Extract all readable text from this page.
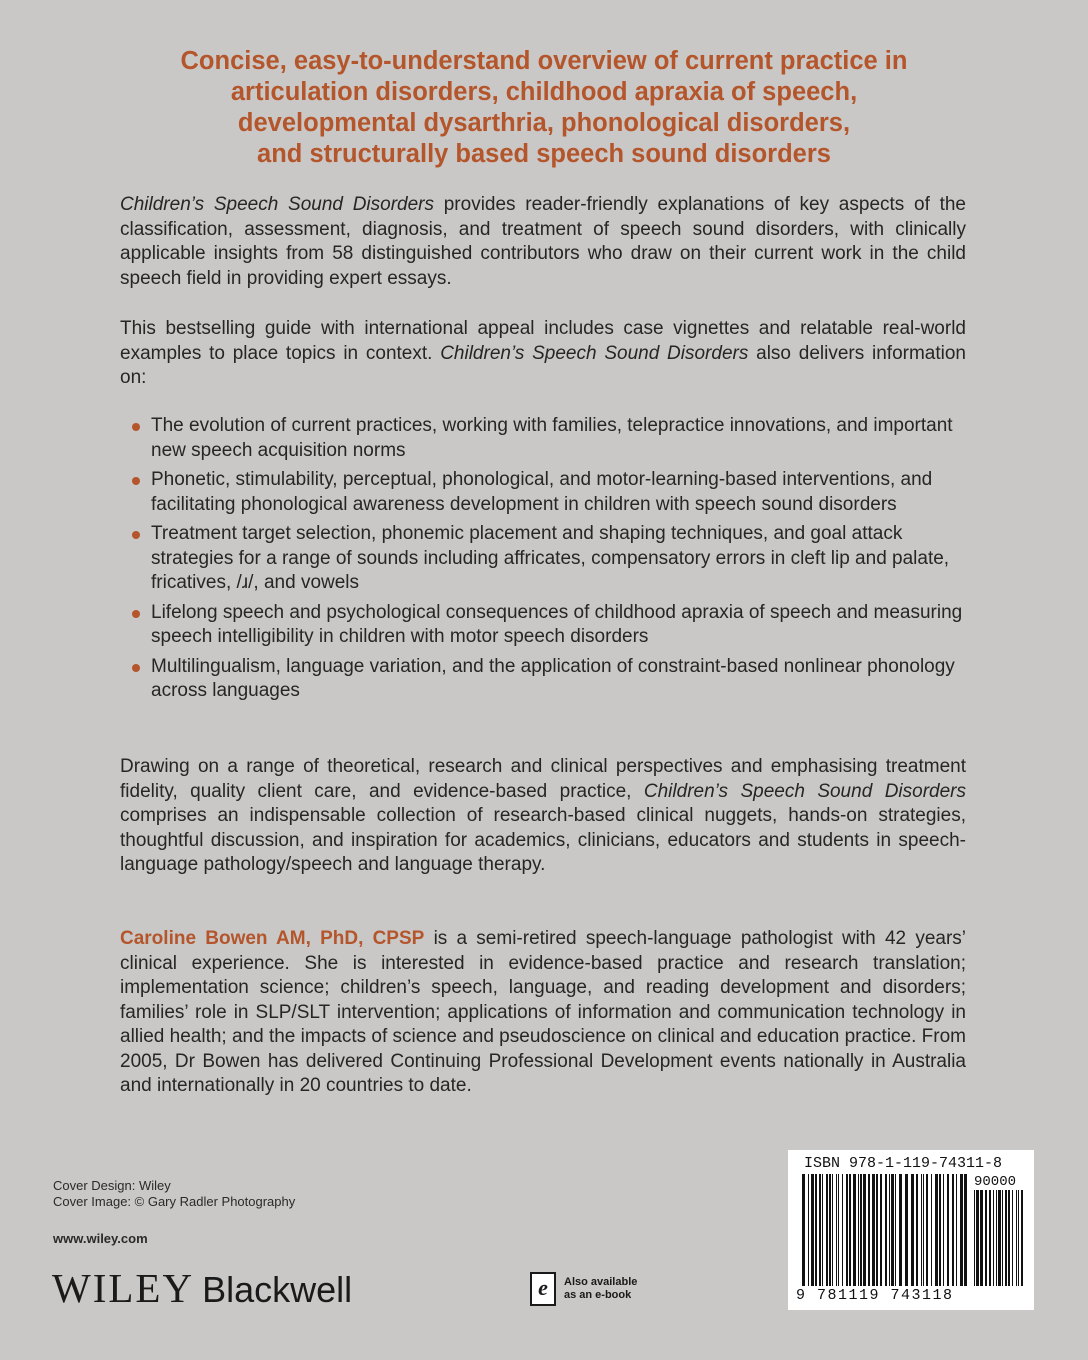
Concise, easy-to-understand overview of current practice in
articulation disorders, childhood apraxia of speech,
developmental dysarthria, phonological disorders,
and structurally based speech sound disorders

Children’s Speech Sound Disorders provides reader-friendly explanations of key aspects of the classification, assessment, diagnosis, and treatment of speech sound disorders, with clinically applicable insights from 58 distinguished contributors who draw on their current work in the child speech field in providing expert essays.

This bestselling guide with international appeal includes case vignettes and relatable real-world examples to place topics in context. Children’s Speech Sound Disorders also delivers information on:

The evolution of current practices, working with families, telepractice innovations, and important new speech acquisition norms
Phonetic, stimulability, perceptual, phonological, and motor-learning-based interventions, and facilitating phonological awareness development in children with speech sound disorders
Treatment target selection, phonemic placement and shaping techniques, and goal attack strategies for a range of sounds including affricates, compensatory errors in cleft lip and palate, fricatives, /ɹ/, and vowels
Lifelong speech and psychological consequences of childhood apraxia of speech and measuring speech intelligibility in children with motor speech disorders
Multilingualism, language variation, and the application of constraint-based nonlinear phonology across languages

Drawing on a range of theoretical, research and clinical perspectives and emphasising treatment fidelity, quality client care, and evidence-based practice, Children’s Speech Sound Disorders comprises an indispensable collection of research-based clinical nuggets, hands-on strategies, thoughtful discussion, and inspiration for academics, clinicians, educators and students in speech-language pathology/speech and language therapy.

Caroline Bowen AM, PhD, CPSP is a semi-retired speech-language pathologist with 42 years’ clinical experience. She is interested in evidence-based practice and research translation; implementation science; children’s speech, language, and reading development and disorders; families’ role in SLP/SLT intervention; applications of information and communication technology in allied health; and the impacts of science and pseudoscience on clinical and education practice. From 2005, Dr Bowen has delivered Continuing Professional Development events nationally in Australia and internationally in 20 countries to date.

Cover Design: Wiley
Cover Image: © Gary Radler Photography
www.wiley.com
WILEY Blackwell	e	Also available
as an e-book
ISBN 978-1-119-74311-8
90000
9 781119 743118
